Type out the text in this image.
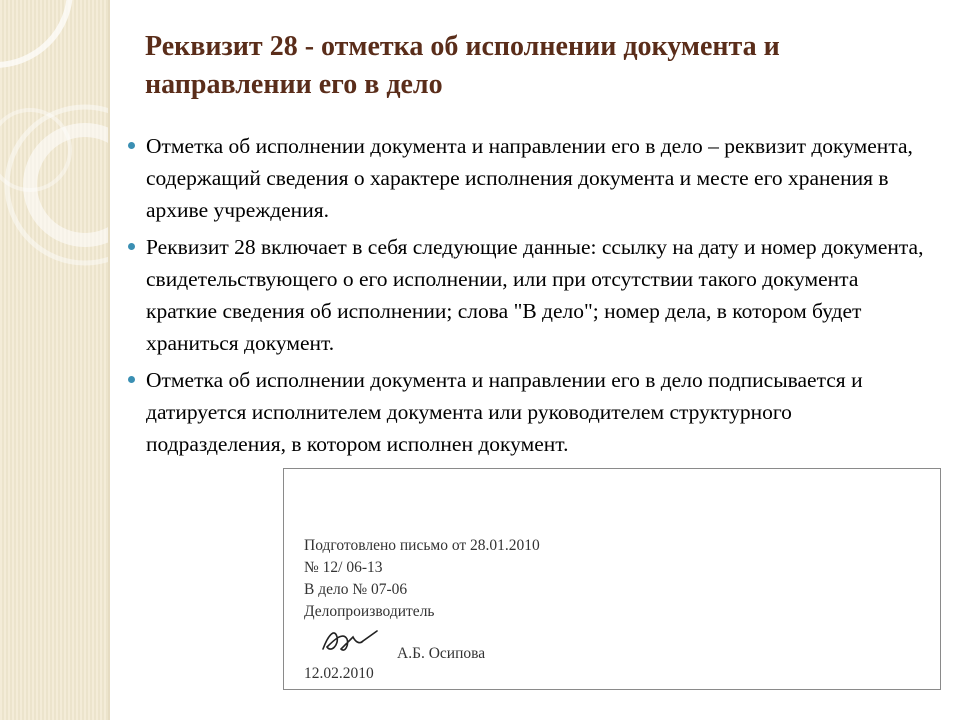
Реквизит 28 - отметка об исполнении документа и направлении его в дело
Отметка об исполнении документа и направлении его в дело – реквизит документа, содержащий сведения о характере исполнения документа и месте его хранения в архиве учреждения.
Реквизит 28 включает в себя следующие данные: ссылку на дату и номер документа, свидетельствующего о его исполнении, или при отсутствии такого документа краткие сведения об исполнении; слова "В дело"; номер дела, в котором будет храниться документ.
Отметка об исполнении документа и направлении его в дело подписывается и датируется исполнителем документа или руководителем структурного подразделения, в котором исполнен документ.
Подготовлено письмо от 28.01.2010
№ 12/ 06-13
В дело № 07-06
Делопроизводитель
А.Б. Осипова
12.02.2010
